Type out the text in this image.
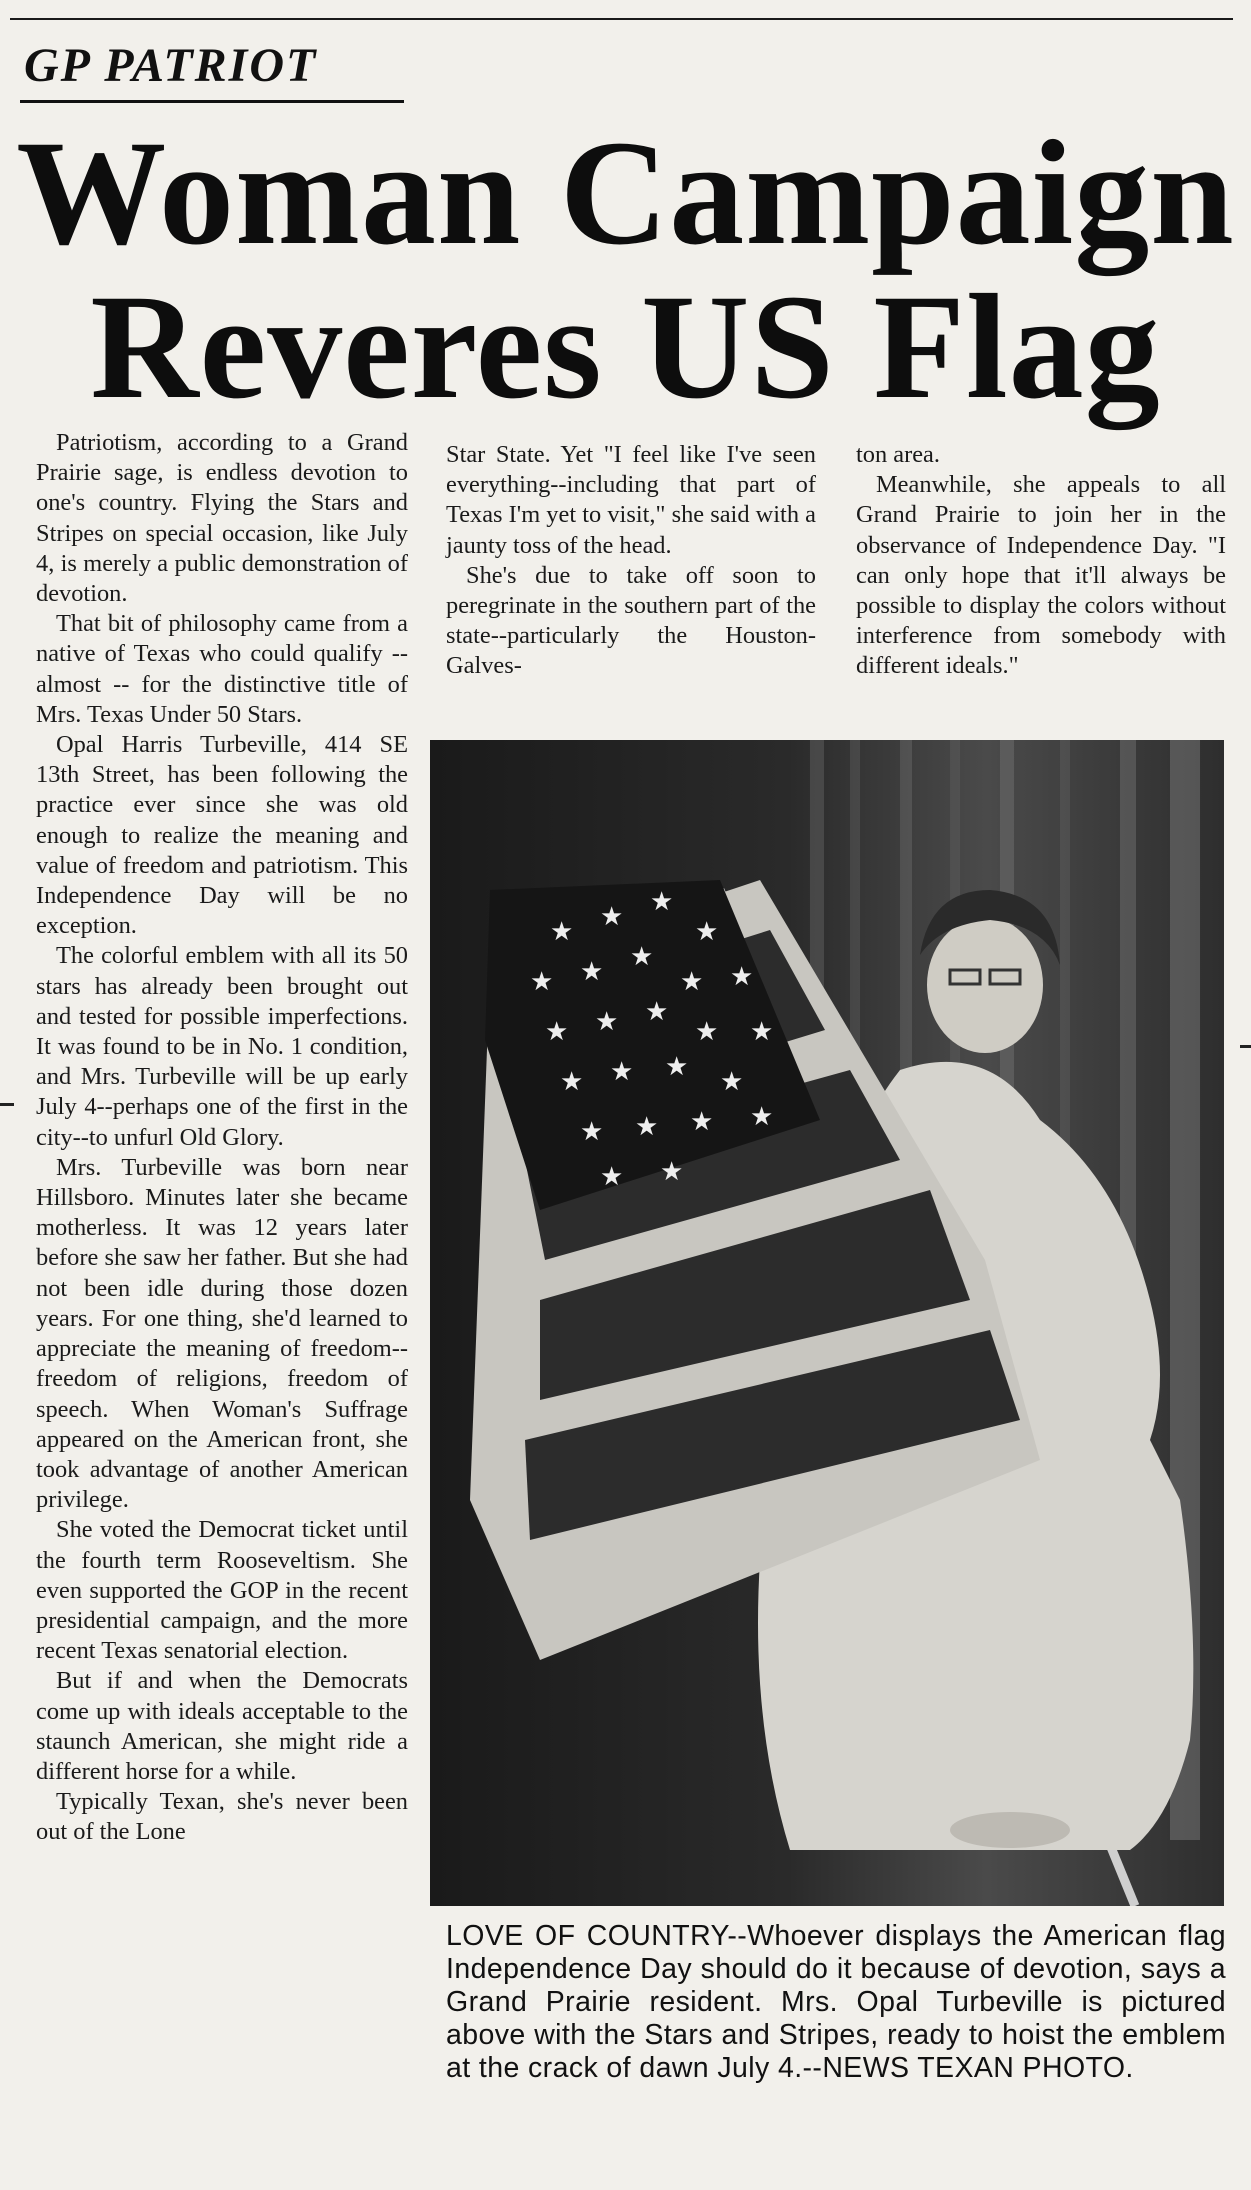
GP PATRIOT
Woman Campaign
Reveres US Flag

Patriotism, according to a Grand Prairie sage, is endless devotion to one's country. Flying the Stars and Stripes on special occasion, like July 4, is merely a public demonstration of devotion.

That bit of philosophy came from a native of Texas who could qualify -- almost -- for the distinctive title of Mrs. Texas Under 50 Stars.

Opal Harris Turbeville, 414 SE 13th Street, has been following the practice ever since she was old enough to realize the meaning and value of freedom and patriotism. This Independence Day will be no exception.

The colorful emblem with all its 50 stars has already been brought out and tested for possible imperfections. It was found to be in No. 1 condition, and Mrs. Turbeville will be up early July 4--perhaps one of the first in the city--to unfurl Old Glory.

Mrs. Turbeville was born near Hillsboro. Minutes later she became motherless. It was 12 years later before she saw her father. But she had not been idle during those dozen years. For one thing, she'd learned to appreciate the meaning of freedom--freedom of religions, freedom of speech. When Woman's Suffrage appeared on the American front, she took advantage of another American privilege.

She voted the Democrat ticket until the fourth term Rooseveltism. She even supported the GOP in the recent presidential campaign, and the more recent Texas senatorial election.

But if and when the Democrats come up with ideals acceptable to the staunch American, she might ride a different horse for a while.

Typically Texan, she's never been out of the Lone

Star State. Yet "I feel like I've seen everything--including that part of Texas I'm yet to visit," she said with a jaunty toss of the head.

She's due to take off soon to peregrinate in the southern part of the state--particularly the Houston-Galves-

ton area.

Meanwhile, she appeals to all Grand Prairie to join her in the observance of Independence Day. "I can only hope that it'll always be possible to display the colors without interference from somebody with different ideals."

★ ★ ★
★
★ ★ ★
★ ★
★ ★ ★
★ ★
★ ★ ★ ★
★ ★ ★ ★
★ ★
LOVE OF COUNTRY--Whoever displays the American flag Independence Day should do it because of devotion, says a Grand Prairie resident. Mrs. Opal Turbeville is pictured above with the Stars and Stripes, ready to hoist the emblem at the crack of dawn July 4.--NEWS TEXAN PHOTO.
